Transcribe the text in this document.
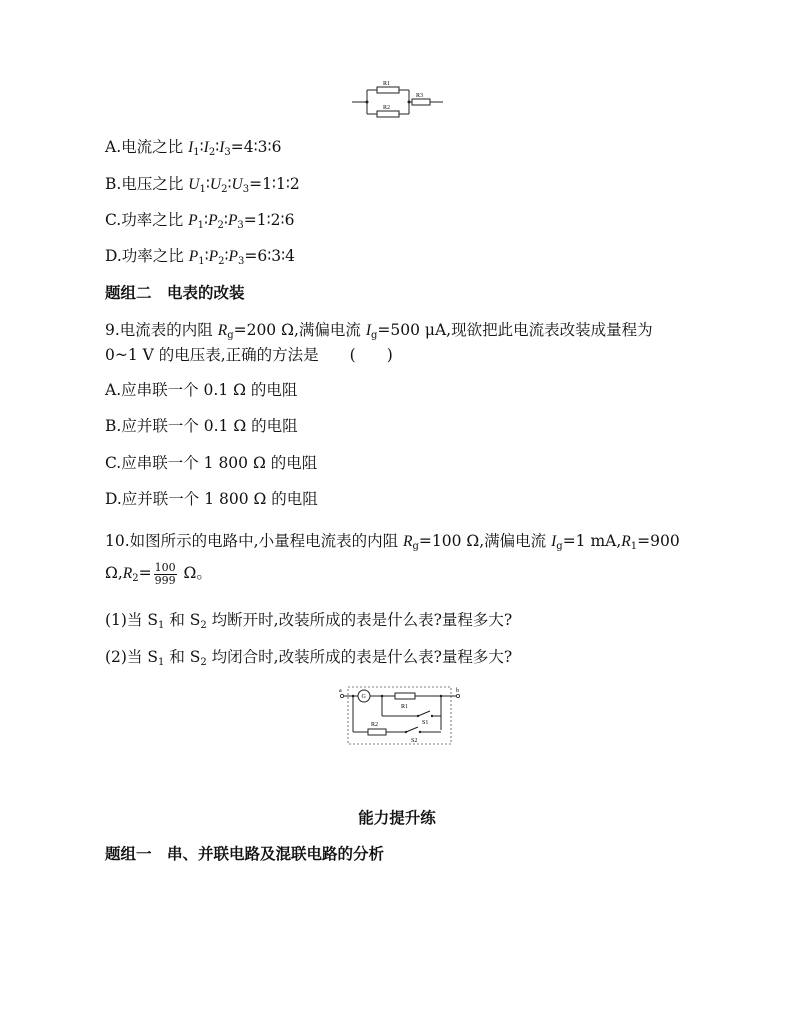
R1
R2
R3
A.电流之比 $I_1∶I_2∶I_3=4∶3∶6$
B.电压之比 $U_1∶U_2∶U_3=1∶1∶2$
C.功率之比 $P_1∶P_2∶P_3=1∶2∶6$
D.功率之比 $P_1∶P_2∶P_3=6∶3∶4$
题组二　电表的改装
9.电流表的内阻 $R_g=200$ Ω,满偏电流 $I_g=500$ μA,现欲把此电流表改装成量程为
0~1 V 的电压表,正确的方法是　　(　　)
A.应串联一个 0.1 Ω 的电阻
B.应并联一个 0.1 Ω 的电阻
C.应串联一个 1 800 Ω 的电阻
D.应并联一个 1 800 Ω 的电阻
10.如图所示的电路中,小量程电流表的内阻 $R_g=100$ Ω,满偏电流 $I_g=1$ $mA,R_1=900$
$\Omega,R_2= \frac{100}{999}$ Ω。
(1)当 $S_1$ 和 $S_2$ 均断开时,改装所成的表是什么表?量程多大?
(2)当 $S_1$ 和 $S_2$ 均闭合时,改装所成的表是什么表?量程多大?
a	b
G
R1
R2	S1
S2
能力提升练
题组一　串、并联电路及混联电路的分析
